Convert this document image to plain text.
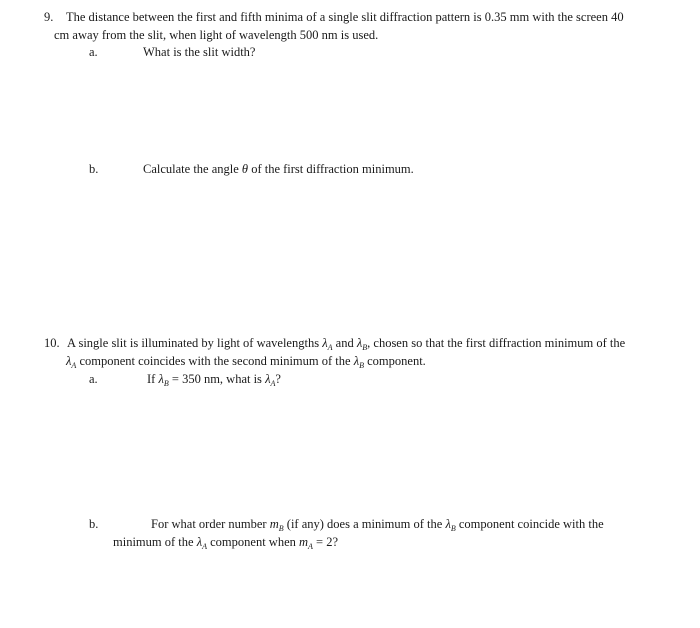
9. The distance between the first and fifth minima of a single slit diffraction pattern is 0.35 mm with the screen 40
cm away from the slit, when light of wavelength 500 nm is used.
a.	What is the slit width?
b.	Calculate the angle θ of the first diffraction minimum.
10. A single slit is illuminated by light of wavelengths $\lambda_A$ and $\lambda_B$, chosen so that the first diffraction minimum of the
$\lambda_A$ component coincides with the second minimum of the $\lambda_B$ component.
a.	If $\lambda_B = 350$ nm, what is $\lambda_A$?
b.	For what order number $m_B$ (if any) does a minimum of the $\lambda_B$ component coincide with the
minimum of the $\lambda_A$ component when $m_A = 2$?
